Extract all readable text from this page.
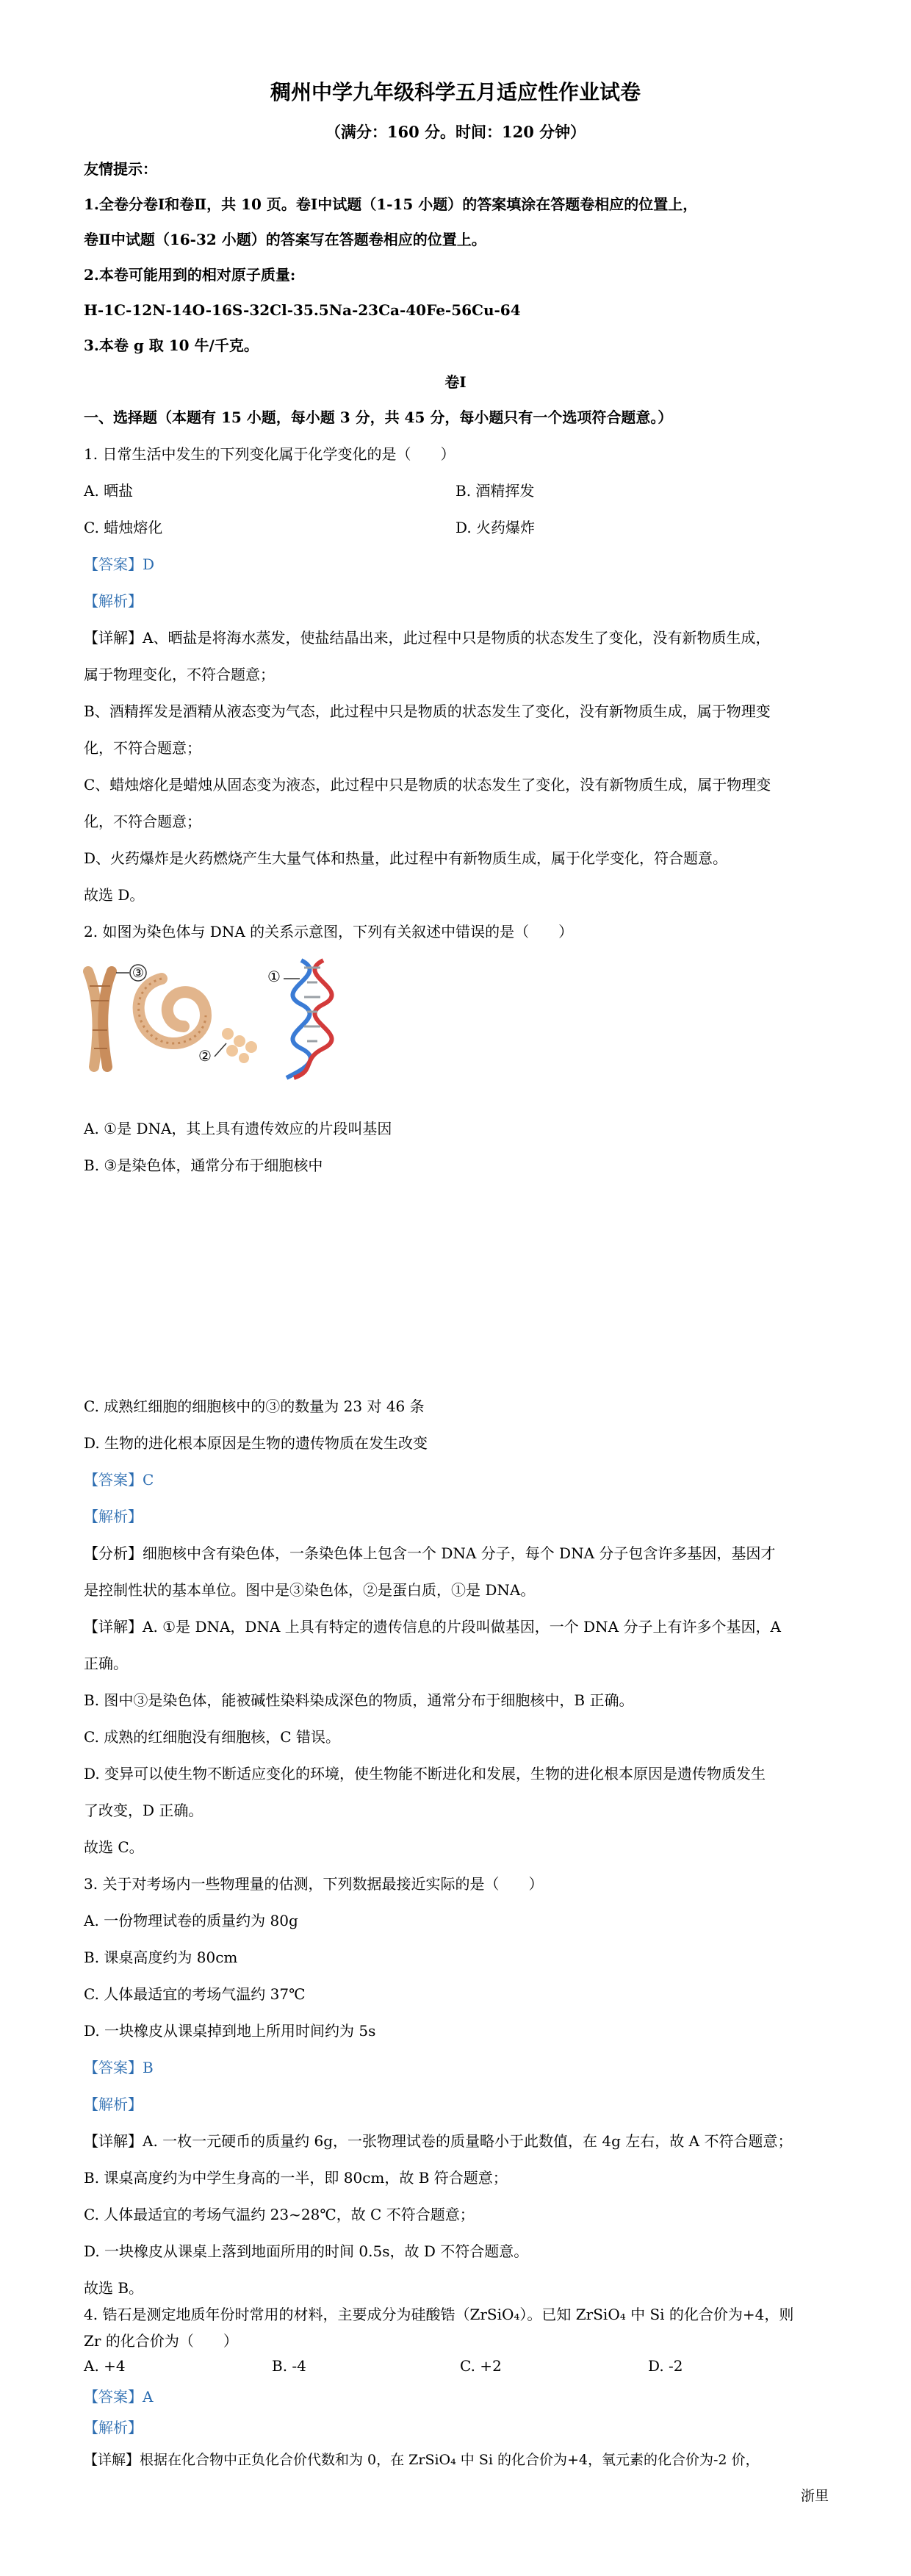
稠州中学九年级科学五月适应性作业试卷
（满分：160 分。时间：120 分钟）
友情提示：
1.全卷分卷Ⅰ和卷Ⅱ，共 10 页。卷Ⅰ中试题（1-15 小题）的答案填涂在答题卷相应的位置上，
卷Ⅱ中试题（16-32 小题）的答案写在答题卷相应的位置上。
2.本卷可能用到的相对原子质量:
H-1C-12N-14O-16S-32Cl-35.5Na-23Ca-40Fe-56Cu-64
3.本卷 g 取 10 牛/千克。
卷Ⅰ
一、选择题（本题有 15 小题，每小题 3 分，共 45 分，每小题只有一个选项符合题意。）
1. 日常生活中发生的下列变化属于化学变化的是（　　）
A. 晒盐	B. 酒精挥发
C. 蜡烛熔化	D. 火药爆炸
【答案】D
【解析】
【详解】A、晒盐是将海水蒸发，使盐结晶出来，此过程中只是物质的状态发生了变化，没有新物质生成，
属于物理变化，不符合题意；
B、酒精挥发是酒精从液态变为气态，此过程中只是物质的状态发生了变化，没有新物质生成，属于物理变
化，不符合题意；
C、蜡烛熔化是蜡烛从固态变为液态，此过程中只是物质的状态发生了变化，没有新物质生成，属于物理变
化，不符合题意；
D、火药爆炸是火药燃烧产生大量气体和热量，此过程中有新物质生成，属于化学变化，符合题意。
故选 D。
2. 如图为染色体与 DNA 的关系示意图，下列有关叙述中错误的是（　　）
③	①
②
A. ①是 DNA，其上具有遗传效应的片段叫基因
B. ③是染色体，通常分布于细胞核中
C. 成熟红细胞的细胞核中的③的数量为 23 对 46 条
D. 生物的进化根本原因是生物的遗传物质在发生改变
【答案】C
【解析】
【分析】细胞核中含有染色体，一条染色体上包含一个 DNA 分子，每个 DNA 分子包含许多基因，基因才
是控制性状的基本单位。图中是③染色体，②是蛋白质，①是 DNA。
【详解】A. ①是 DNA，DNA 上具有特定的遗传信息的片段叫做基因，一个 DNA 分子上有许多个基因，A
正确。
B. 图中③是染色体，能被碱性染料染成深色的物质，通常分布于细胞核中，B 正确。
C. 成熟的红细胞没有细胞核，C 错误。
D. 变异可以使生物不断适应变化的环境，使生物能不断进化和发展，生物的进化根本原因是遗传物质发生
了改变，D 正确。
故选 C。
3. 关于对考场内一些物理量的估测，下列数据最接近实际的是（　　）
A. 一份物理试卷的质量约为 80g
B. 课桌高度约为 80cm
C. 人体最适宜的考场气温约 37℃
D. 一块橡皮从课桌掉到地上所用时间约为 5s
【答案】B
【解析】
【详解】A. 一枚一元硬币的质量约 6g，一张物理试卷的质量略小于此数值，在 4g 左右，故 A 不符合题意；
B. 课桌高度约为中学生身高的一半，即 80cm，故 B 符合题意；
C. 人体最适宜的考场气温约 23~28℃，故 C 不符合题意；
D. 一块橡皮从课桌上落到地面所用的时间 0.5s，故 D 不符合题意。
故选 B。
4. 锆石是测定地质年份时常用的材料，主要成分为硅酸锆（ZrSiO₄）。已知 ZrSiO₄ 中 Si 的化合价为+4，则
Zr 的化合价为（　　）
A. +4	B. -4	C. +2	D. -2
【答案】A
【解析】
【详解】根据在化合物中正负化合价代数和为 0，在 ZrSiO₄ 中 Si 的化合价为+4，氧元素的化合价为-2 价，
浙里
